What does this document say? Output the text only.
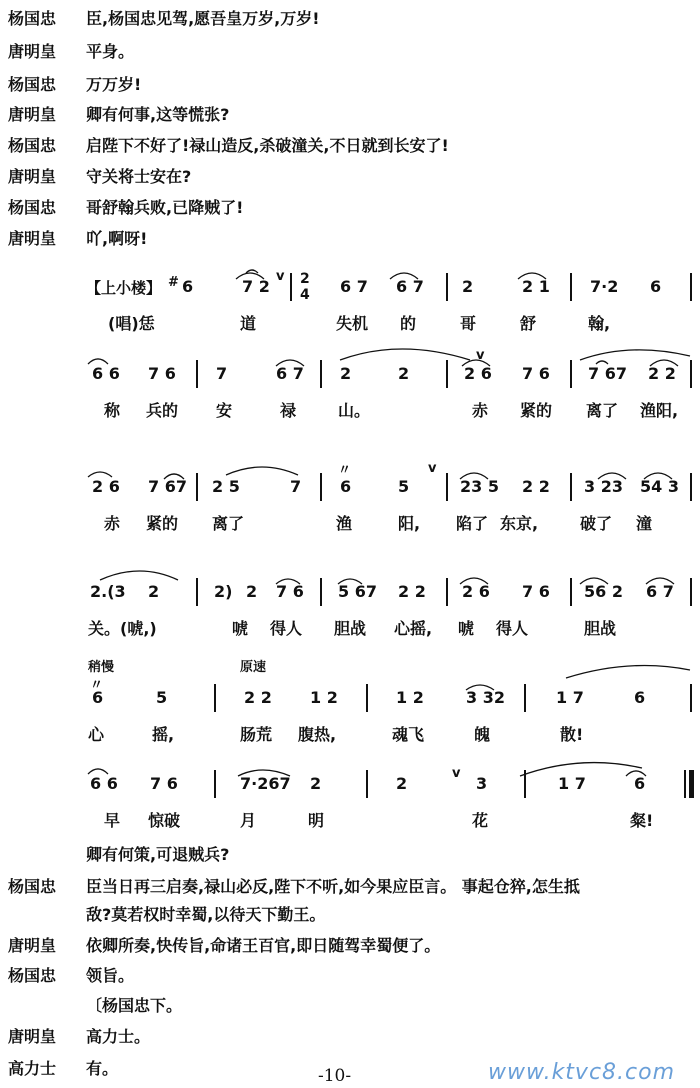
杨国忠 臣,杨国忠见驾,愿吾皇万岁,万岁!
唐明皇 平身。
杨国忠 万万岁!
唐明皇 卿有何事,这等慌张?
杨国忠 启陛下不好了!禄山造反,杀破潼关,不日就到长安了!
唐明皇 守关将士安在?
杨国忠 哥舒翰兵败,已降贼了!
唐明皇 吖,啊呀!
【上小楼】 # 6	7 2
v 2
4 6 7 6 7 2	2 1	7·2 6
(唱)恁	道	失机 的	哥	舒	翰,
6 6 7 6	7	6 7 2	2
v
2 6 7 6 7 67 2 2
称 兵的 安	禄	山。	赤 紧的 离了 渔阳,
2 6 7 67 2 5	7
〃
6	5
v
23 5 2 2 3 23 54 3
赤 紧的 离了	渔	阳, 陷了 东京,	破了 潼
2.(3 2	2) 2 7 6 5 67 2 2 2 6 7 6 56 2 6 7
关。(唬,)	唬 得人 胆战 心摇, 唬 得人	胆战
稍慢	原速
〃
6	5	2 2 1 2	1 2	3 32	1 7	6
心	摇,	肠荒 腹热,	魂飞	魄	散!
6 6 7 6	7·267 2	2
v
3	1 7	6
早 惊破	月	明	花	粲!
卿有何策,可退贼兵?
杨国忠 臣当日再三启奏,禄山必反,陛下不听,如今果应臣言。 事起仓猝,怎生抵
敌?莫若权时幸蜀,以待天下勤王。
唐明皇 依卿所奏,快传旨,命诸王百官,即日随驾幸蜀便了。
杨国忠 领旨。
〔杨国忠下。
唐明皇 高力士。
高力士 有。	-10-	www.ktvc8.com
